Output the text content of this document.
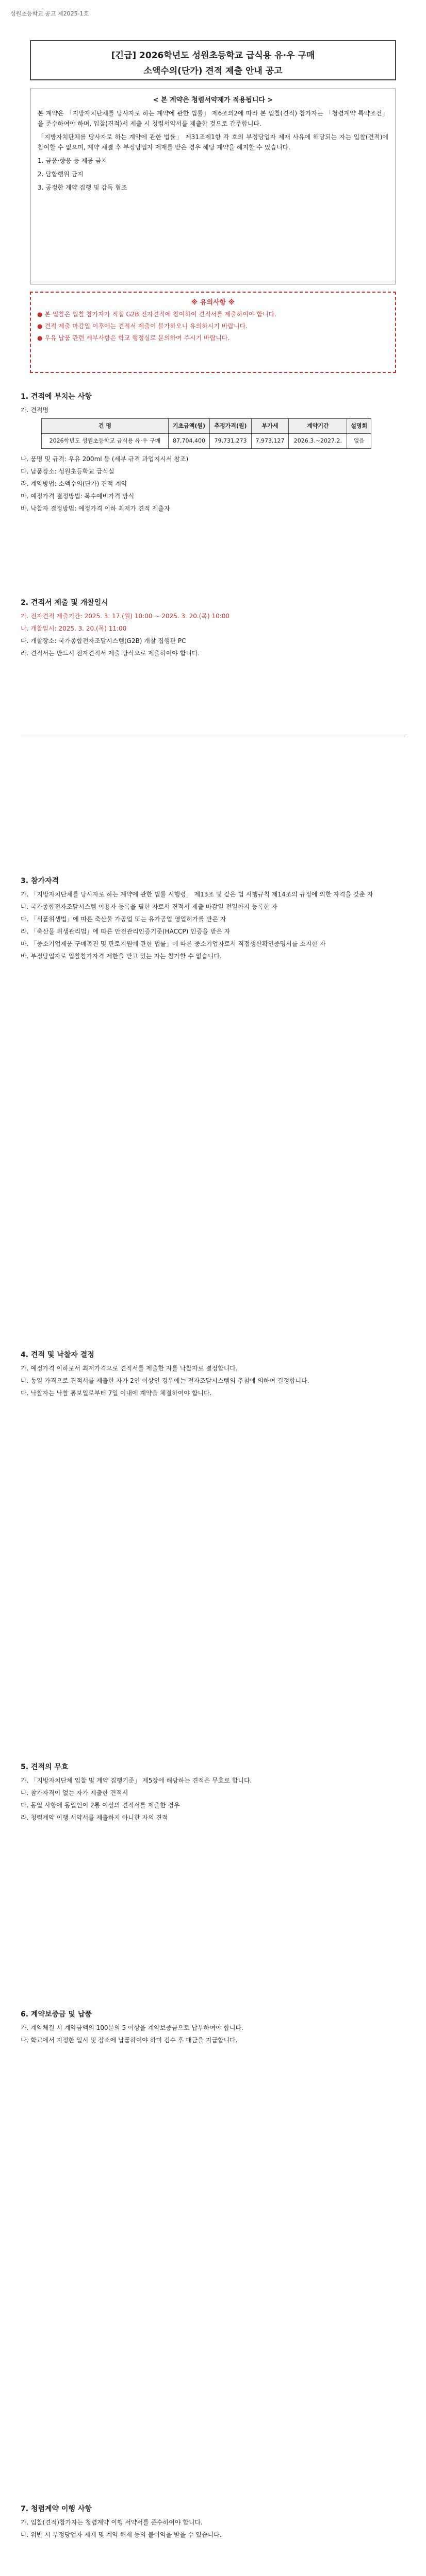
성원초등학교 공고 제2025-1호
[긴급] 2026학년도 성원초등학교 급식용 유·우 구매
소액수의(단가) 견적 제출 안내 공고
< 본 계약은 청렴서약제가 적용됩니다 >

본 계약은 「지방자치단체를 당사자로 하는 계약에 관한 법률」 제6조의2에 따라 본 입찰(견적) 참가자는 「청렴계약 특약조건」을 준수하여야 하며, 입찰(견적)서 제출 시 청렴서약서를 제출한 것으로 간주합니다.

「지방자치단체를 당사자로 하는 계약에 관한 법률」 제31조제1항 각 호의 부정당업자 제재 사유에 해당되는 자는 입찰(견적)에 참여할 수 없으며, 계약 체결 후 부정당업자 제재를 받은 경우 해당 계약을 해지할 수 있습니다.

1. 금품·향응 등 제공 금지

2. 담합행위 금지

3. 공정한 계약 집행 및 감독 협조

※ 유의사항 ※

● 본 입찰은 입찰 참가자가 직접 G2B 전자견적에 참여하여 견적서를 제출하여야 합니다.

● 견적 제출 마감일 이후에는 견적서 제출이 불가하오니 유의하시기 바랍니다.

● 우유 납품 관련 세부사항은 학교 행정실로 문의하여 주시기 바랍니다.

1. 견적에 부치는 사항

가. 견적명

건 명	기초금액(원)	추정가격(원)	부가세	계약기간	설명회
2026학년도 성원초등학교 급식용 유·우 구매	87,704,400	79,731,273	7,973,127	2026.3.~2027.2.	없음

나. 품명 및 규격: 우유 200ml 등 (세부 규격 과업지시서 참조)

다. 납품장소: 성원초등학교 급식실

라. 계약방법: 소액수의(단가) 견적 계약

마. 예정가격 결정방법: 복수예비가격 방식

바. 낙찰자 결정방법: 예정가격 이하 최저가 견적 제출자

2. 견적서 제출 및 개찰일시

가. 전자견적 제출기간: 2025. 3. 17.(월) 10:00 ~ 2025. 3. 20.(목) 10:00

나. 개찰일시: 2025. 3. 20.(목) 11:00

다. 개찰장소: 국가종합전자조달시스템(G2B) 개찰 집행관 PC

라. 견적서는 반드시 전자견적서 제출 방식으로 제출하여야 합니다.

3. 참가자격

가. 「지방자치단체를 당사자로 하는 계약에 관한 법률 시행령」 제13조 및 같은 법 시행규칙 제14조의 규정에 의한 자격을 갖춘 자

나. 국가종합전자조달시스템 이용자 등록을 필한 자로서 견적서 제출 마감일 전일까지 등록한 자

다. 「식품위생법」에 따른 축산물 가공업 또는 유가공업 영업허가를 받은 자

라. 「축산물 위생관리법」에 따른 안전관리인증기준(HACCP) 인증을 받은 자

마. 「중소기업제품 구매촉진 및 판로지원에 관한 법률」에 따른 중소기업자로서 직접생산확인증명서를 소지한 자

바. 부정당업자로 입찰참가자격 제한을 받고 있는 자는 참가할 수 없습니다.

4. 견적 및 낙찰자 결정

가. 예정가격 이하로서 최저가격으로 견적서를 제출한 자를 낙찰자로 결정합니다.

나. 동일 가격으로 견적서를 제출한 자가 2인 이상인 경우에는 전자조달시스템의 추첨에 의하여 결정합니다.

다. 낙찰자는 낙찰 통보일로부터 7일 이내에 계약을 체결하여야 합니다.

5. 견적의 무효

가. 「지방자치단체 입찰 및 계약 집행기준」 제5장에 해당하는 견적은 무효로 합니다.

나. 참가자격이 없는 자가 제출한 견적서

다. 동일 사항에 동일인이 2통 이상의 견적서를 제출한 경우

라. 청렴계약 이행 서약서를 제출하지 아니한 자의 견적

6. 계약보증금 및 납품

가. 계약체결 시 계약금액의 100분의 5 이상을 계약보증금으로 납부하여야 합니다.

나. 학교에서 지정한 일시 및 장소에 납품하여야 하며 검수 후 대금을 지급합니다.

7. 청렴계약 이행 사항

가. 입찰(견적)참가자는 청렴계약 이행 서약서를 준수하여야 합니다.

나. 위반 시 부정당업자 제재 및 계약 해제 등의 불이익을 받을 수 있습니다.
